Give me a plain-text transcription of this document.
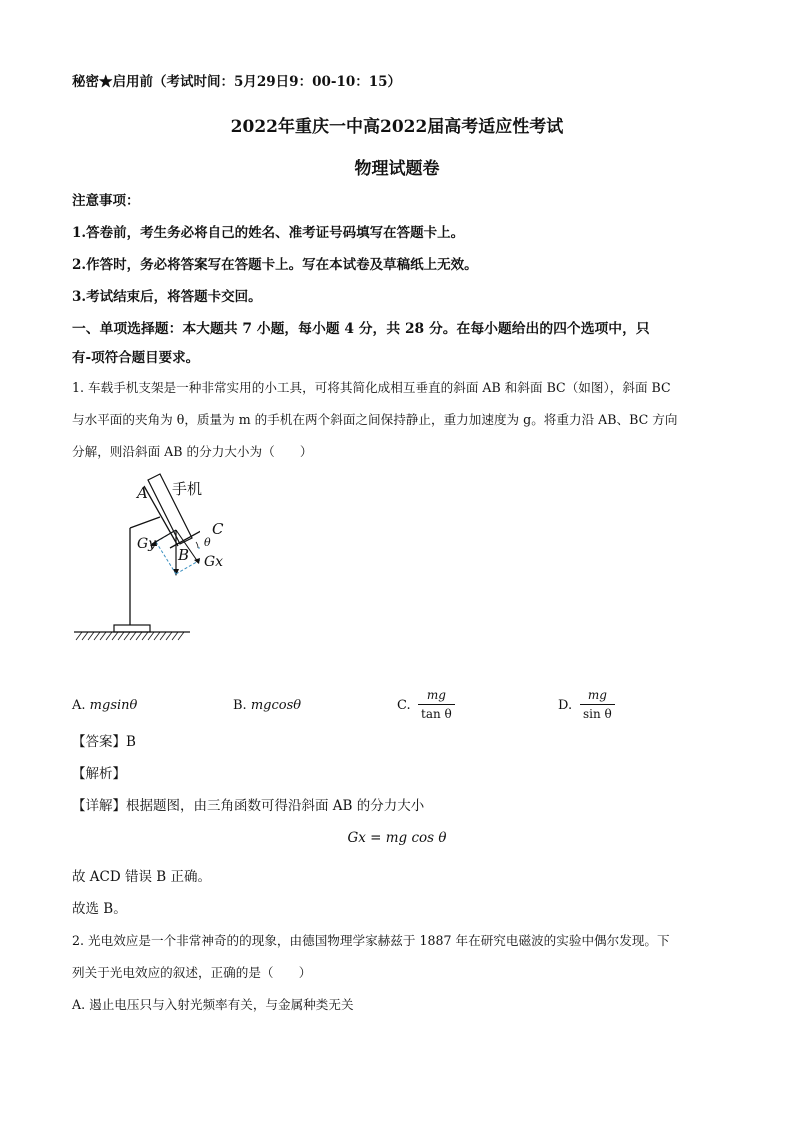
秘密★启用前（考试时间：5月29日9：00-10：15）
2022年重庆一中高2022届高考适应性考试
物理试题卷
注意事项：
1.答卷前，考生务必将自己的姓名、准考证号码填写在答题卡上。
2.作答时，务必将答案写在答题卡上。写在本试卷及草稿纸上无效。
3.考试结束后，将答题卡交回。
一、单项选择题：本大题共 7 小题，每小题 4 分，共 28 分。在每小题给出的四个选项中，只
有-项符合题目要求。
1. 车载手机支架是一种非常实用的小工具，可将其简化成相互垂直的斜面 AB 和斜面 BC（如图），斜面 BC
与水平面的夹角为 θ，质量为 m 的手机在两个斜面之间保持静止，重力加速度为 g。将重力沿 AB、BC 方向
分解，则沿斜面 AB 的分力大小为（　　）
A 手机
B
C
θ
Gy
Gx
A. mgsinθ	B. mgcosθ	C.
mg
tan θ
D.
mg
sin θ
【答案】B
【解析】
【详解】根据题图，由三角函数可得沿斜面 AB 的分力大小
Gx = mg cos θ
故 ACD 错误 B 正确。
故选 B。
2. 光电效应是一个非常神奇的的现象，由德国物理学家赫兹于 1887 年在研究电磁波的实验中偶尔发现。下
列关于光电效应的叙述，正确的是（　　）
A. 遏止电压只与入射光频率有关，与金属种类无关
